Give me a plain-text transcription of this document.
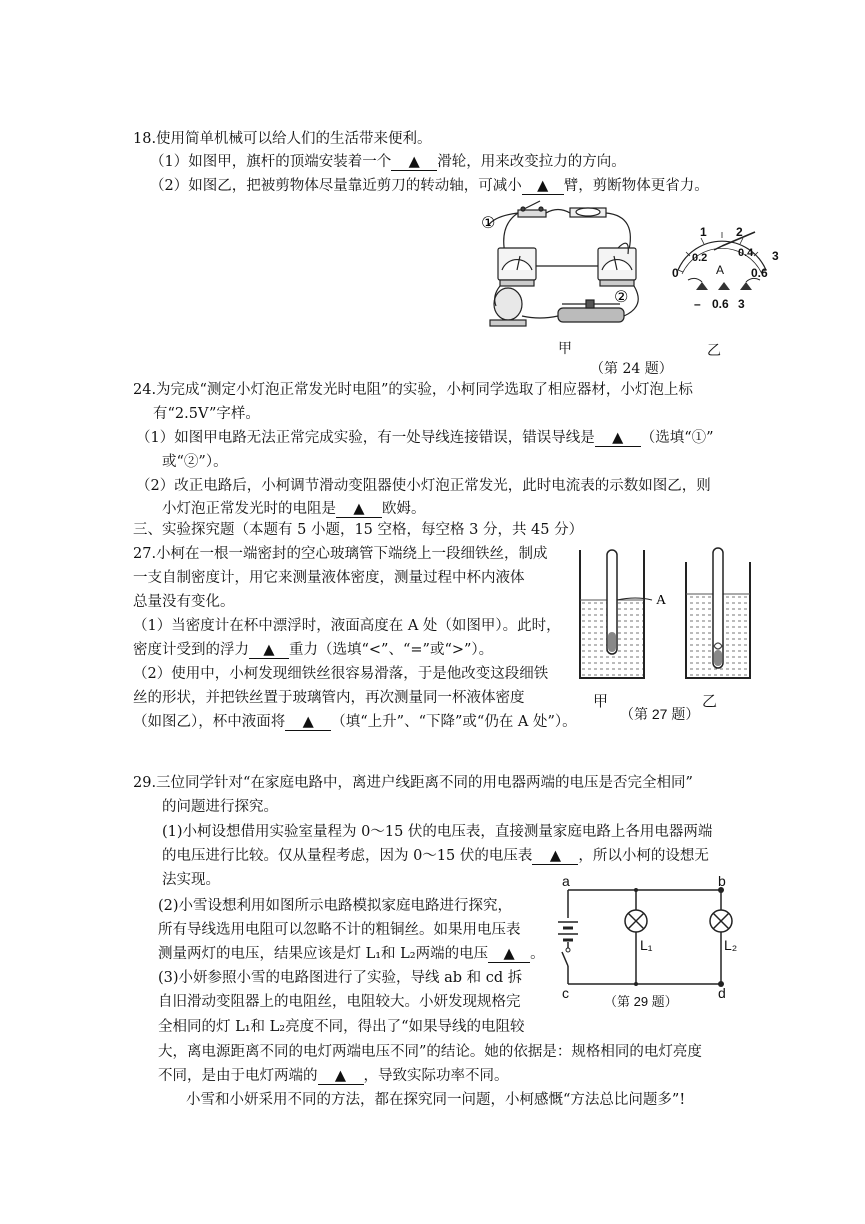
18.使用简单机械可以给人们的生活带来便利。
（1）如图甲，旗杆的顶端安装着一个 ▲ 滑轮，用来改变拉力的方向。
（2）如图乙，把被剪物体尽量靠近剪刀的转动轴，可减小 ▲ 臂，剪断物体更省力。
①
②
1 2
0.2	0.4
0
3
0.6
A
– 0.6 3
甲	乙
（第 24 题）
24.为完成“测定小灯泡正常发光时电阻”的实验，小柯同学选取了相应器材，小灯泡上标
有“2.5V”字样。
（1）如图甲电路无法正常完成实验，有一处导线连接错误，错误导线是 ▲ （选填“①”
或“②”）。
（2）改正电路后，小柯调节滑动变阻器使小灯泡正常发光，此时电流表的示数如图乙，则
小灯泡正常发光时的电阻是 ▲ 欧姆。
三、实验探究题（本题有 5 小题，15 空格，每空格 3 分，共 45 分）
27.小柯在一根一端密封的空心玻璃管下端绕上一段细铁丝，制成
一支自制密度计，用它来测量液体密度，测量过程中杯内液体
总量没有变化。
（1）当密度计在杯中漂浮时，液面高度在 A 处（如图甲）。此时，
密度计受到的浮力 ▲ 重力（选填“<”、“=”或“>”）。
（2）使用中，小柯发现细铁丝很容易滑落，于是他改变这段细铁
丝的形状，并把铁丝置于玻璃管内，再次测量同一杯液体密度
（如图乙），杯中液面将 ▲ （填“上升”、“下降”或“仍在 A 处”）。
A
甲	乙
（第 27 题）
29.三位同学针对“在家庭电路中，离进户线距离不同的用电器两端的电压是否完全相同”
的问题进行探究。
(1)小柯设想借用实验室量程为 0～15 伏的电压表，直接测量家庭电路上各用电器两端
的电压进行比较。仅从量程考虑，因为 0～15 伏的电压表 ▲ ，所以小柯的设想无
法实现。
(2)小雪设想利用如图所示电路模拟家庭电路进行探究，
所有导线选用电阻可以忽略不计的粗铜丝。如果用电压表
测量两灯的电压，结果应该是灯 L₁和 L₂两端的电压 ▲ 。
(3)小妍参照小雪的电路图进行了实验，导线 ab 和 cd 拆
自旧滑动变阻器上的电阻丝，电阻较大。小妍发现规格完
全相同的灯 L₁和 L₂亮度不同，得出了“如果导线的电阻较
大，离电源距离不同的电灯两端电压不同”的结论。她的依据是：规格相同的电灯亮度
不同，是由于电灯两端的 ▲ ，导致实际功率不同。
小雪和小妍采用不同的方法，都在探究同一问题，小柯感慨“方法总比问题多”!
a	b
c	d
L₁	L₂
（第 29 题）
